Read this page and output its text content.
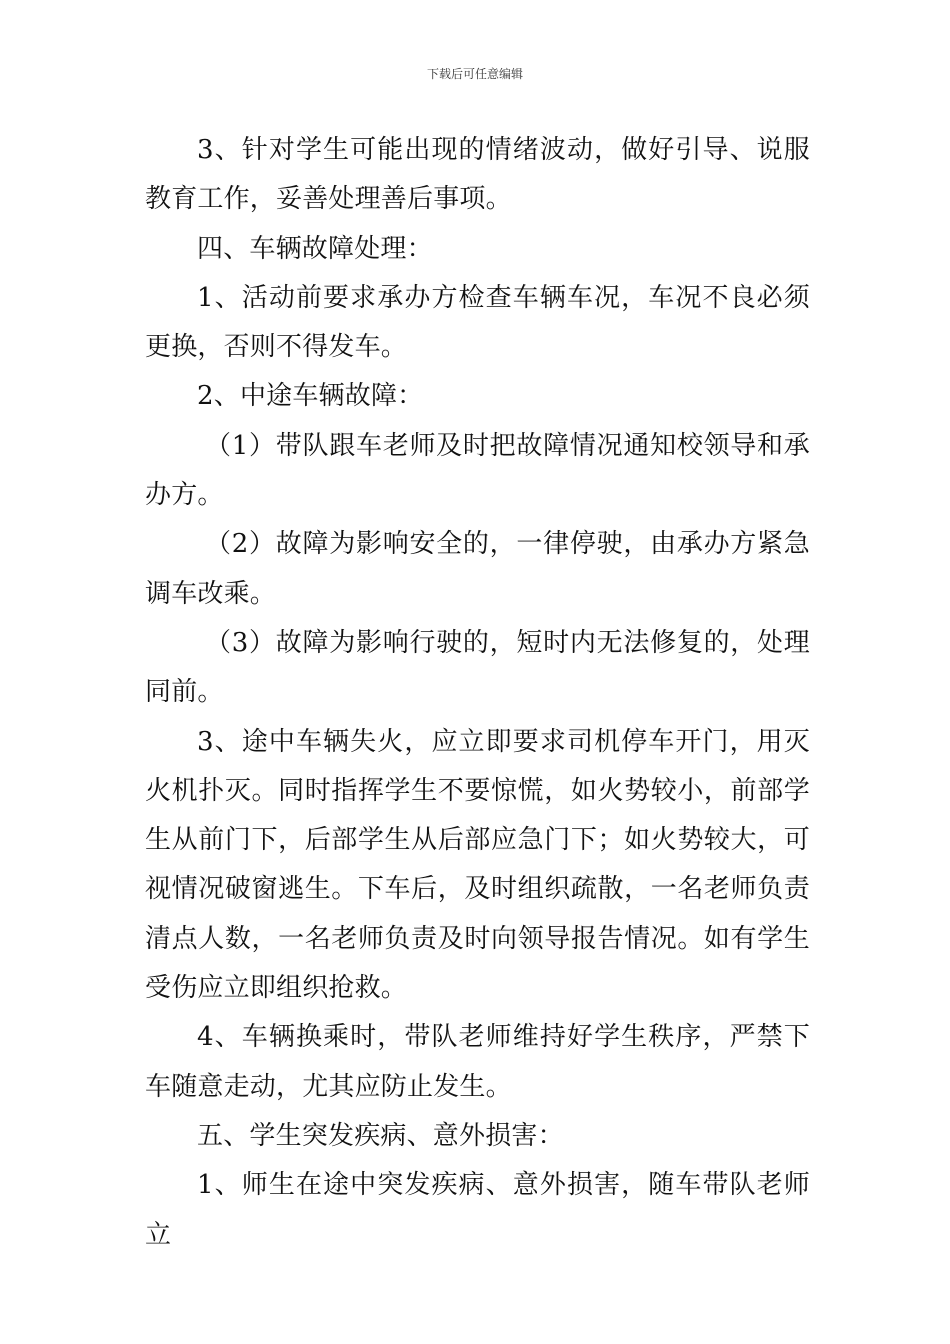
下载后可任意编辑

3、针对学生可能出现的情绪波动，做好引导、说服教育工作，妥善处理善后事项。

四、车辆故障处理：

1、活动前要求承办方检查车辆车况，车况不良必须更换，否则不得发车。

2、中途车辆故障：

（1）带队跟车老师及时把故障情况通知校领导和承办方。

（2）故障为影响安全的，一律停驶，由承办方紧急调车改乘。

（3）故障为影响行驶的，短时内无法修复的，处理同前。

3、途中车辆失火，应立即要求司机停车开门，用灭火机扑灭。同时指挥学生不要惊慌，如火势较小，前部学生从前门下，后部学生从后部应急门下；如火势较大，可视情况破窗逃生。下车后，及时组织疏散，一名老师负责清点人数，一名老师负责及时向领导报告情况。如有学生受伤应立即组织抢救。

4、车辆换乘时，带队老师维持好学生秩序，严禁下车随意走动，尤其应防止发生。

五、学生突发疾病、意外损害：

1、师生在途中突发疾病、意外损害，随车带队老师立
